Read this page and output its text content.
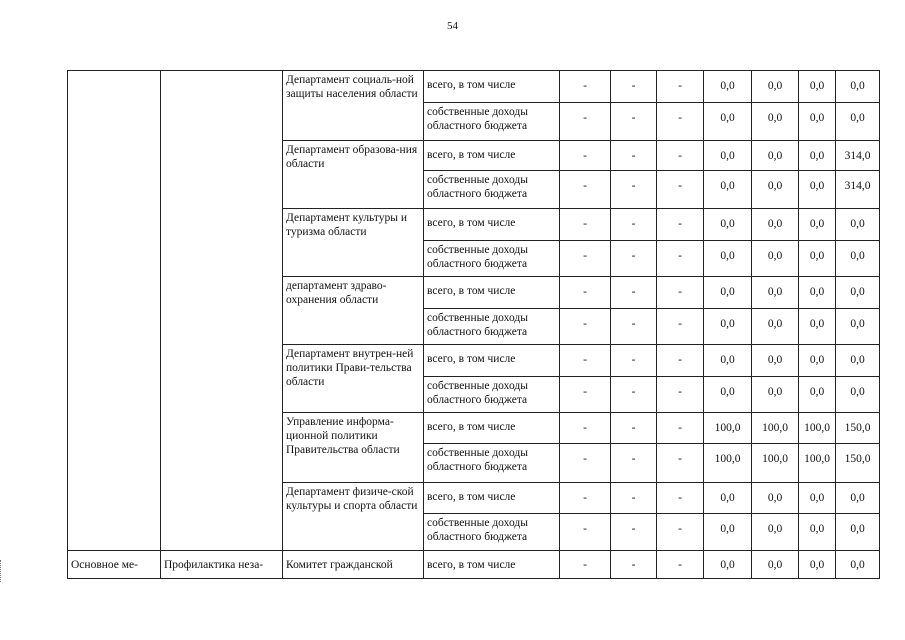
54
		Департамент социаль-ной защиты населения области	всего, в том числе	-	-	-	0,0	0,0	0,0	0,0
			собственные доходы областного бюджета	-	-	-	0,0	0,0	0,0	0,0
		Департамент образова-ния области	всего, в том числе	-	-	-	0,0	0,0	0,0	314,0
			собственные доходы областного бюджета	-	-	-	0,0	0,0	0,0	314,0
		Департамент культуры и туризма области	всего, в том числе	-	-	-	0,0	0,0	0,0	0,0
			собственные доходы областного бюджета	-	-	-	0,0	0,0	0,0	0,0
		департамент здраво-охранения области	всего, в том числе	-	-	-	0,0	0,0	0,0	0,0
			собственные доходы областного бюджета	-	-	-	0,0	0,0	0,0	0,0
		Департамент внутрен-ней политики Прави-тельства области	всего, в том числе	-	-	-	0,0	0,0	0,0	0,0
			собственные доходы областного бюджета	-	-	-	0,0	0,0	0,0	0,0
		Управление информа-ционной политики Правительства области	всего, в том числе	-	-	-	100,0	100,0	100,0	150,0
			собственные доходы областного бюджета	-	-	-	100,0	100,0	100,0	150,0
		Департамент физиче-ской культуры и спорта области	всего, в том числе	-	-	-	0,0	0,0	0,0	0,0
			собственные доходы областного бюджета	-	-	-	0,0	0,0	0,0	0,0
Основное ме-	Профилактика неза-	Комитет гражданской	всего, в том числе	-	-	-	0,0	0,0	0,0	0,0
